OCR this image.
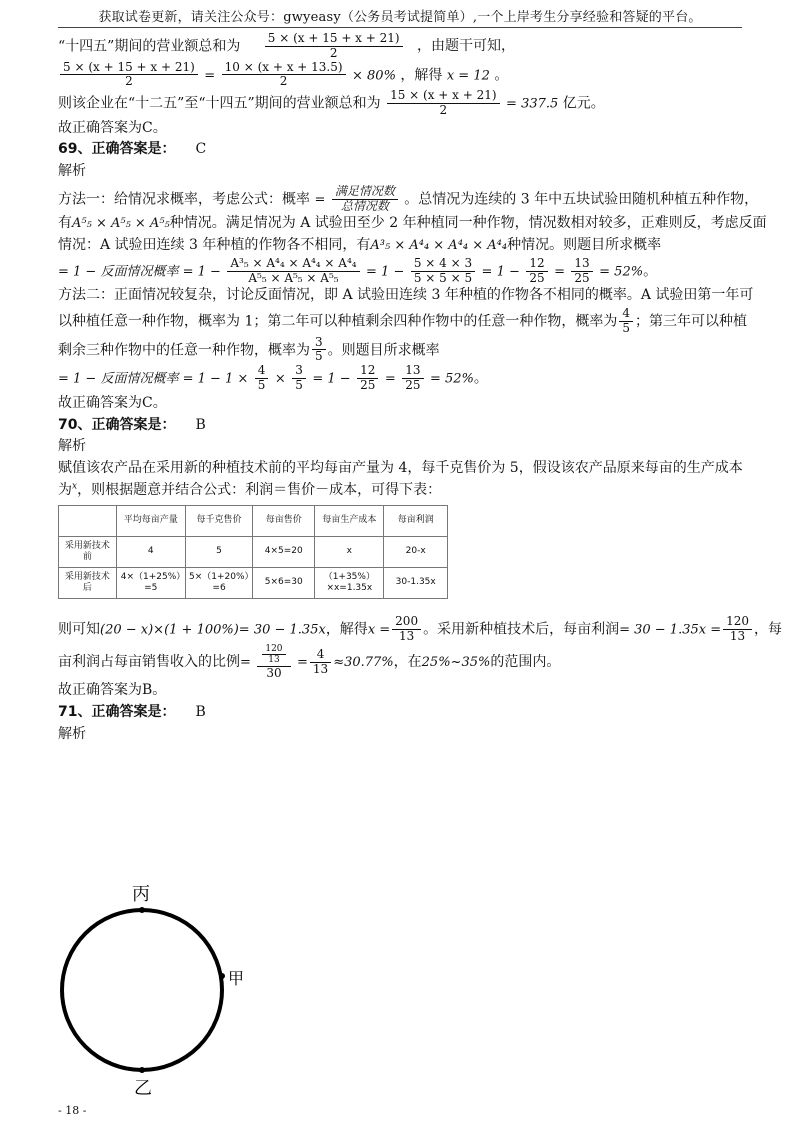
获取试卷更新，请关注公众号：gwyeasy（公务员考试提简单）,一个上岸考生分享经验和答疑的平台。
“十四五”期间的营业额总和为 $\frac{5 \times (x + 15 + x + 21)}{2}$ ，由题干可知，
$\frac{5 \times (x + 15 + x + 21)}{2} = \frac{10 \times (x + x + 13.5)}{2} \times 80\%$ ，解得 x = 12 。
则该企业在“十二五”至“十四五”期间的营业额总和为 $\frac{15 \times (x + x + 21)}{2} = 337.5$ 亿元。
故正确答案为C。
69、正确答案是： C
解析
方法一：给情况求概率，考虑公式：概率 = $\frac{\text{满足情况数}}{\text{总情况数}}$ 。总情况为连续的 3 年中五块试验田随机种植五种作物，
有A⁵₅ × A⁵₅ × A⁵₅种情况。满足情况为 A 试验田至少 2 年种植同一种作物，情况数相对较多，正难则反，考虑反面
情况：A 试验田连续 3 年种植的作物各不相同，有A³₅ × A⁴₄ × A⁴₄ × A⁴₄种情况。则题目所求概率
= 1 − 反面情况概率 = $1 - \frac{\text{A³₅ × A⁴₄ × A⁴₄ × A⁴₄}}{\text{A⁵₅ × A⁵₅ × A⁵₅}} = 1 - \frac{5 \times 4 \times 3}{5 \times 5 \times 5} = 1 - \frac{12}{25} = \frac{13}{25} = 52\%$。
方法二：正面情况较复杂，讨论反面情况，即 A 试验田连续 3 年种植的作物各不相同的概率。A 试验田第一年可
以种植任意一种作物，概率为 1；第二年可以种植剩余四种作物中的任意一种作物，概率为 $\frac{4}{5}$ ；第三年可以种植
剩余三种作物中的任意一种作物，概率为 $\frac{3}{5}$ 。则题目所求概率
= 1 − 反面情况概率 = $1 - 1 \times \frac{4}{5} \times \frac{3}{5} = 1 - \frac{12}{25} = \frac{13}{25} = 52\%$。
故正确答案为C。
70、正确答案是： B
解析
赋值该农产品在采用新的种植技术前的平均每亩产量为 4，每千克售价为 5，假设该农产品原来每亩的生产成本
为$^x$，则根据题意并结合公式：利润＝售价－成本，可得下表：
	平均每亩产量	每千克售价	每亩售价	每亩生产成本	每亩利润
采用新技术前	4	5	4×5=20	x	20-x
采用新技术后	4×（1+25%）=5	5×（1+20%）=6	5×6=30	（1+35%）×x=1.35x	30-1.35x
则可知(20 − x)×(1 + 100%)= 30 − 1.35x，解得$x = \frac{200}{13}$ 。采用新种植技术后，每亩利润= $30 - 1.35x = \frac{120}{13}$ ，每
亩利润占每亩销售收入的比例= $\frac{\frac{120}{13}}{30} = \frac{4}{13} \approx 30.77\%$，在25%~35%的范围内。
故正确答案为B。
71、正确答案是： B
解析
丙
甲
乙
- 18 -
